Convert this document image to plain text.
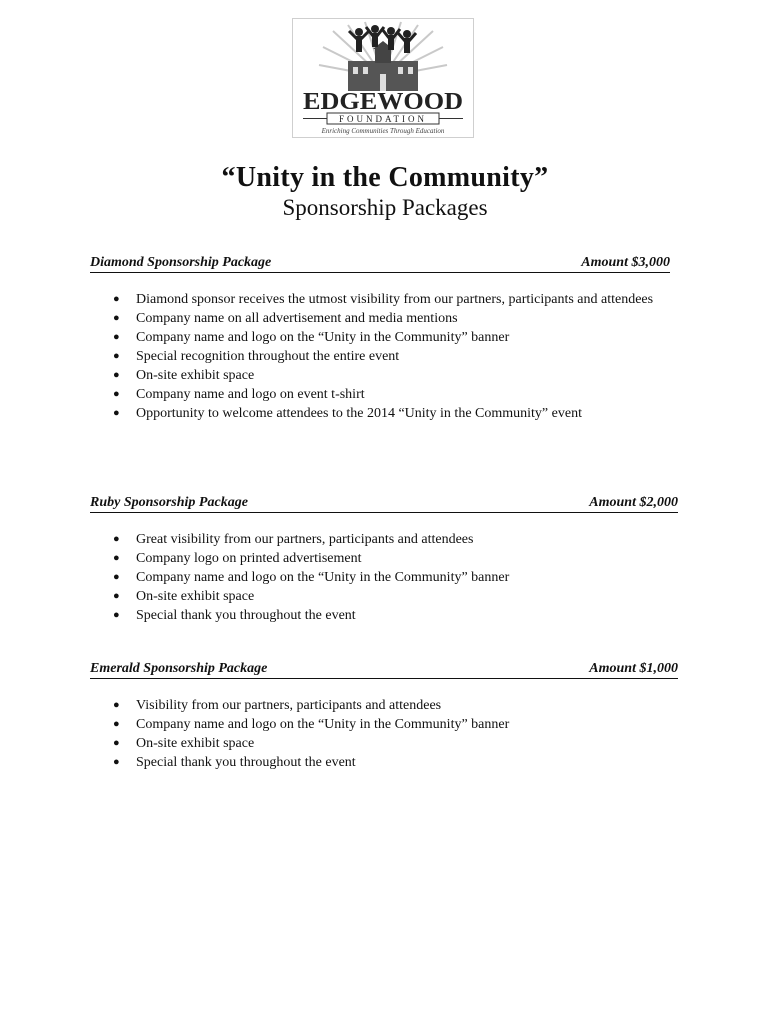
EDGEWOOD
FOUNDATION
Enriching Communities Through Education
“Unity in the Community”
Sponsorship Packages
Diamond Sponsorship Package	Amount $3,000
● Diamond sponsor receives the utmost visibility from our partners, participants and attendees
● Company name on all advertisement and media mentions
● Company name and logo on the “Unity in the Community” banner
● Special recognition throughout the entire event
● On-site exhibit space
● Company name and logo on event t-shirt
● Opportunity to welcome attendees to the 2014 “Unity in the Community” event
Ruby Sponsorship Package	Amount $2,000
● Great visibility from our partners, participants and attendees
● Company logo on printed advertisement
● Company name and logo on the “Unity in the Community” banner
● On-site exhibit space
● Special thank you throughout the event
Emerald Sponsorship Package	Amount $1,000
● Visibility from our partners, participants and attendees
● Company name and logo on the “Unity in the Community” banner
● On-site exhibit space
● Special thank you throughout the event
